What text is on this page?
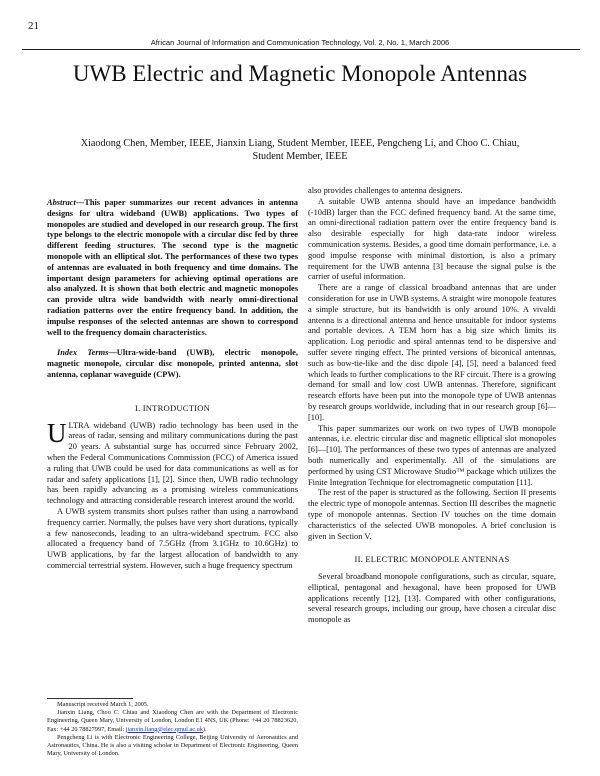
21
African Journal of Information and Communication Technology, Vol. 2, No. 1, March 2006
UWB Electric and Magnetic Monopole Antennas
Xiaodong Chen, Member, IEEE, Jianxin Liang, Student Member, IEEE, Pengcheng Li, and Choo C. Chiau, Student Member, IEEE

Abstract—This paper summarizes our recent advances in antenna designs for ultra wideband (UWB) applications. Two types of monopoles are studied and developed in our research group. The first type belongs to the electric monopole with a circular disc fed by three different feeding structures. The second type is the magnetic monopole with an elliptical slot. The performances of these two types of antennas are evaluated in both frequency and time domains. The important design parameters for achieving optimal operations are also analyzed. It is shown that both electric and magnetic monopoles can provide ultra wide bandwidth with nearly omni-directional radiation patterns over the entire frequency band. In addition, the impulse responses of the selected antennas are shown to correspond well to the frequency domain characteristics.

Index Terms—Ultra-wide-band (UWB), electric monopole, magnetic monopole, circular disc monopole, printed antenna, slot antenna, coplanar waveguide (CPW).

I. INTRODUCTION

ULTRA wideband (UWB) radio technology has been used in the areas of radar, sensing and military communications during the past 20 years. A substantial surge has occurred since February 2002, when the Federal Communications Commission (FCC) of America issued a ruling that UWB could be used for data communications as well as for radar and safety applications [1], [2]. Since then, UWB radio technology has been rapidly advancing as a promising wireless communications technology and attracting considerable research interest around the world.

A UWB system transmits short pulses rather than using a narrowband frequency carrier. Normally, the pulses have very short durations, typically a few nanoseconds, leading to an ultra-wideband spectrum. FCC also allocated a frequency band of 7.5GHz (from 3.1GHz to 10.6GHz) to UWB applications, by far the largest allocation of bandwidth to any commercial terrestrial system. However, such a huge frequency spectrum

also provides challenges to antenna designers.

A suitable UWB antenna should have an impedance bandwidth (-10dB) larger than the FCC defined frequency band. At the same time, an omni-directional radiation pattern over the entire frequency band is also desirable especially for high data-rate indoor wireless communication systems. Besides, a good time domain performance, i.e. a good impulse response with minimal distortion, is also a primary requirement for the UWB antenna [3] because the signal pulse is the carrier of useful information.

There are a range of classical broadband antennas that are under consideration for use in UWB systems. A straight wire monopole features a simple structure, but its bandwidth is only around 10%. A vivaldi antenna is a directional antenna and hence unsuitable for indoor systems and portable devices. A TEM horn has a big size which limits its application. Log periodic and spiral antennas tend to be dispersive and suffer severe ringing effect. The printed versions of biconical antennas, such as bow-tie-like and the disc dipole [4], [5], need a balanced feed which leads to further complications to the RF circuit. There is a growing demand for small and low cost UWB antennas. Therefore, significant research efforts have been put into the monopole type of UWB antennas by research groups worldwide, including that in our research group [6]—[10].

This paper summarizes our work on two types of UWB monopole antennas, i.e. electric circular disc and magnetic elliptical slot monopoles [6]—[10]. The performances of these two types of antennas are analyzed both numerically and experimentally. All of the simulations are performed by using CST Microwave Studio™ package which utilizes the Finite Integration Technique for electromagnetic computation [11].

The rest of the paper is structured as the following. Section II presents the electric type of monopole antennas. Section III describes the magnetic type of monopole antennas. Section IV touches on the time domain characteristics of the selected UWB monopoles. A brief conclusion is given in Section V.

II. ELECTRIC MONOPOLE ANTENNAS

Several broadband monopole configurations, such as circular, square, elliptical, pentagonal and hexagonal, have been proposed for UWB applications recently [12], [13]. Compared with other configurations, several research groups, including our group, have chosen a circular disc monopole as

Manuscript received March 1, 2005.

Jianxin Liang, Choo C. Chiau and Xiaodong Chen are with the Department of Electronic Engineering, Queen Mary, University of London, London E1 4NS, UK (Phone: +44 20 78823620, Fax: +44 20 78827997, Email: jianxin.liang@elec.qmul.ac.uk).

Pengcheng Li is with Electronic Engineering College, Beijing University of Aeronautics and Astronautics, China. He is also a visiting scholar in Department of Electronic Engineering, Queen Mary, University of London.
